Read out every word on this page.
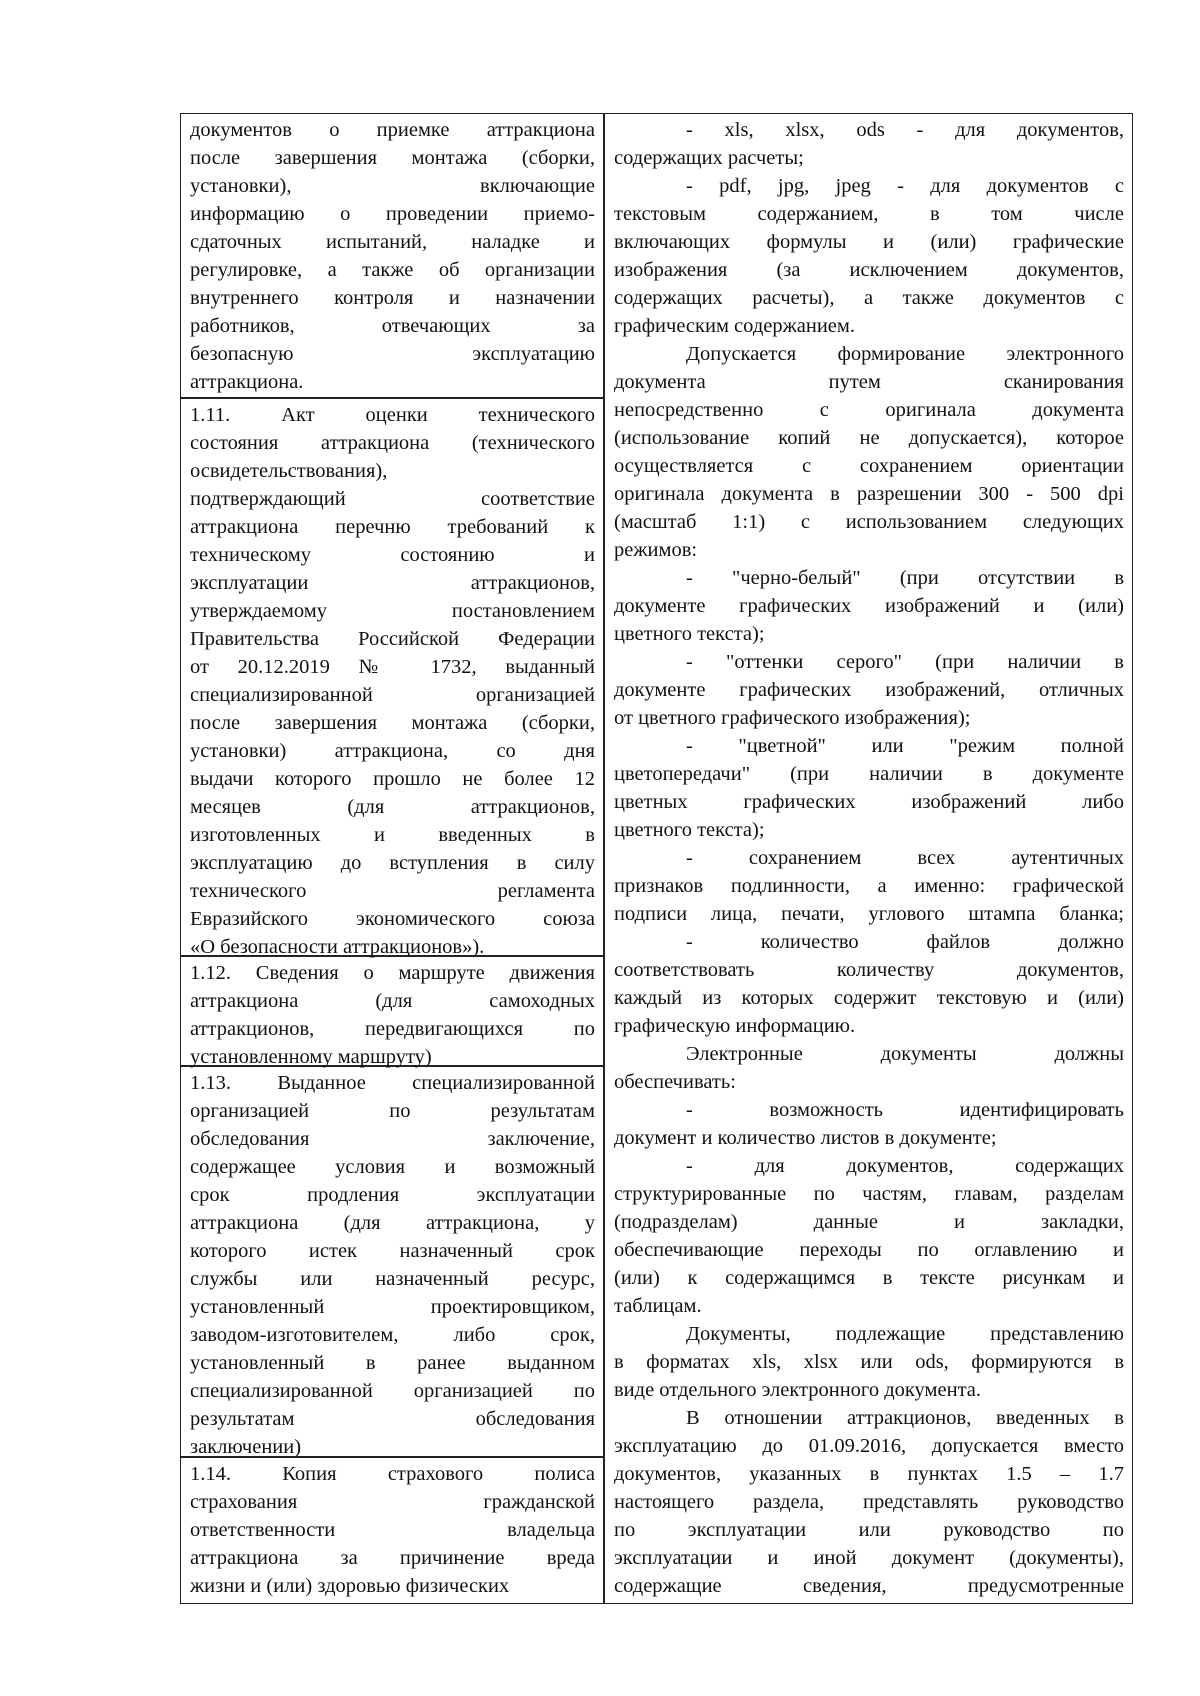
документов о приемке аттракциона
после завершения монтажа (сборки,
установки), включающие
информацию о проведении приемо-
сдаточных испытаний, наладке и
регулировке, а также об организации
внутреннего контроля и назначении
работников, отвечающих за
безопасную эксплуатацию
аттракциона.
1.11. Акт оценки технического
состояния аттракциона (технического
освидетельствования),
подтверждающий соответствие
аттракциона перечню требований к
техническому состоянию и
эксплуатации аттракционов,
утверждаемому постановлением
Правительства Российской Федерации
от 20.12.2019 № 1732, выданный
специализированной организацией
после завершения монтажа (сборки,
установки) аттракциона, со дня
выдачи которого прошло не более 12
месяцев (для аттракционов,
изготовленных и введенных в
эксплуатацию до вступления в силу
технического регламента
Евразийского экономического союза
«О безопасности аттракционов»).
1.12. Сведения о маршруте движения
аттракциона (для самоходных
аттракционов, передвигающихся по
установленному маршруту)
1.13. Выданное специализированной
организацией по результатам
обследования заключение,
содержащее условия и возможный
срок продления эксплуатации
аттракциона (для аттракциона, у
которого истек назначенный срок
службы или назначенный ресурс,
установленный проектировщиком,
заводом-изготовителем, либо срок,
установленный в ранее выданном
специализированной организацией по
результатам обследования
заключении)
1.14. Копия страхового полиса
страхования гражданской
ответственности владельца
аттракциона за причинение вреда
жизни и (или) здоровью физических
- xls, xlsx, ods - для документов,
содержащих расчеты;
- pdf, jpg, jpeg - для документов с
текстовым содержанием, в том числе
включающих формулы и (или) графические
изображения (за исключением документов,
содержащих расчеты), а также документов с
графическим содержанием.
Допускается формирование электронного
документа путем сканирования
непосредственно с оригинала документа
(использование копий не допускается), которое
осуществляется с сохранением ориентации
оригинала документа в разрешении 300 - 500 dpi
(масштаб 1:1) с использованием следующих
режимов:
- "черно-белый" (при отсутствии в
документе графических изображений и (или)
цветного текста);
- "оттенки серого" (при наличии в
документе графических изображений, отличных
от цветного графического изображения);
- "цветной" или "режим полной
цветопередачи" (при наличии в документе
цветных графических изображений либо
цветного текста);
- сохранением всех аутентичных
признаков подлинности, а именно: графической
подписи лица, печати, углового штампа бланка;
- количество файлов должно
соответствовать количеству документов,
каждый из которых содержит текстовую и (или)
графическую информацию.
Электронные документы должны
обеспечивать:
- возможность идентифицировать
документ и количество листов в документе;
- для документов, содержащих
структурированные по частям, главам, разделам
(подразделам) данные и закладки,
обеспечивающие переходы по оглавлению и
(или) к содержащимся в тексте рисункам и
таблицам.
Документы, подлежащие представлению
в форматах xls, xlsx или ods, формируются в
виде отдельного электронного документа.
В отношении аттракционов, введенных в
эксплуатацию до 01.09.2016, допускается вместо
документов, указанных в пунктах 1.5 – 1.7
настоящего раздела, представлять руководство
по эксплуатации или руководство по
эксплуатации и иной документ (документы),
содержащие сведения, предусмотренные
